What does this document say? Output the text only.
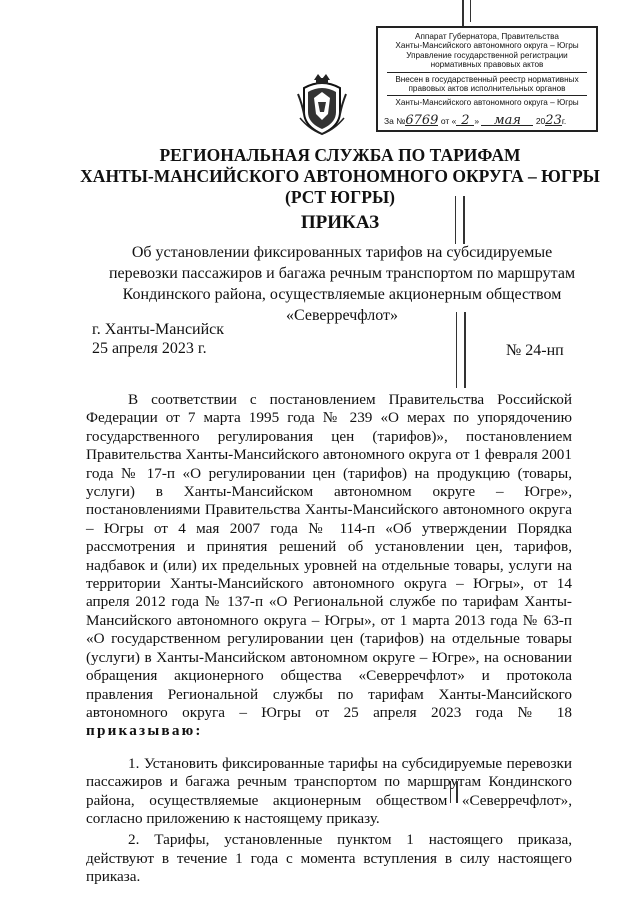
Аппарат Губернатора, Правительства
Ханты-Мансийского автономного округа – Югры
Управление государственной регистрации
нормативных правовых актов
Внесен в государственный реестр нормативных
правовых актов исполнительных органов
Ханты-Мансийского автономного округа – Югры
За №6769 от « 2 » мая 2023г.
РЕГИОНАЛЬНАЯ СЛУЖБА ПО ТАРИФАМ
ХАНТЫ-МАНСИЙСКОГО АВТОНОМНОГО ОКРУГА – ЮГРЫ
(РСТ ЮГРЫ)
ПРИКАЗ
Об установлении фиксированных тарифов на субсидируемые перевозки пассажиров и багажа речным транспортом по маршрутам Кондинского района, осуществляемые акционерным обществом «Северречфлот»
г. Ханты-Мансийск
25 апреля 2023 г.	№ 24-нп

В соответствии с постановлением Правительства Российской Федерации от 7 марта 1995 года № 239 «О мерах по упорядочению государственного регулирования цен (тарифов)», постановлением Правительства Ханты-Мансийского автономного округа от 1 февраля 2001 года № 17-п «О регулировании цен (тарифов) на продукцию (товары, услуги) в Ханты-Мансийском автономном округе – Югре», постановлениями Правительства Ханты-Мансийского автономного округа – Югры от 4 мая 2007 года № 114-п «Об утверждении Порядка рассмотрения и принятия решений об установлении цен, тарифов, надбавок и (или) их предельных уровней на отдельные товары, услуги на территории Ханты-Мансийского автономного округа – Югры», от 14 апреля 2012 года № 137-п «О Региональной службе по тарифам Ханты-Мансийского автономного округа – Югры», от 1 марта 2013 года № 63-п «О государственном регулировании цен (тарифов) на отдельные товары (услуги) в Ханты-Мансийском автономном округе – Югре», на основании обращения акционерного общества «Северречфлот» и протокола правления Региональной службы по тарифам Ханты-Мансийского автономного округа – Югры от 25 апреля 2023 года № 18 приказываю:

1. Установить фиксированные тарифы на субсидируемые перевозки пассажиров и багажа речным транспортом по маршрутам Кондинского района, осуществляемые акционерным обществом «Северречфлот», согласно приложению к настоящему приказу.

2. Тарифы, установленные пунктом 1 настоящего приказа, действуют в течение 1 года с момента вступления в силу настоящего приказа.
